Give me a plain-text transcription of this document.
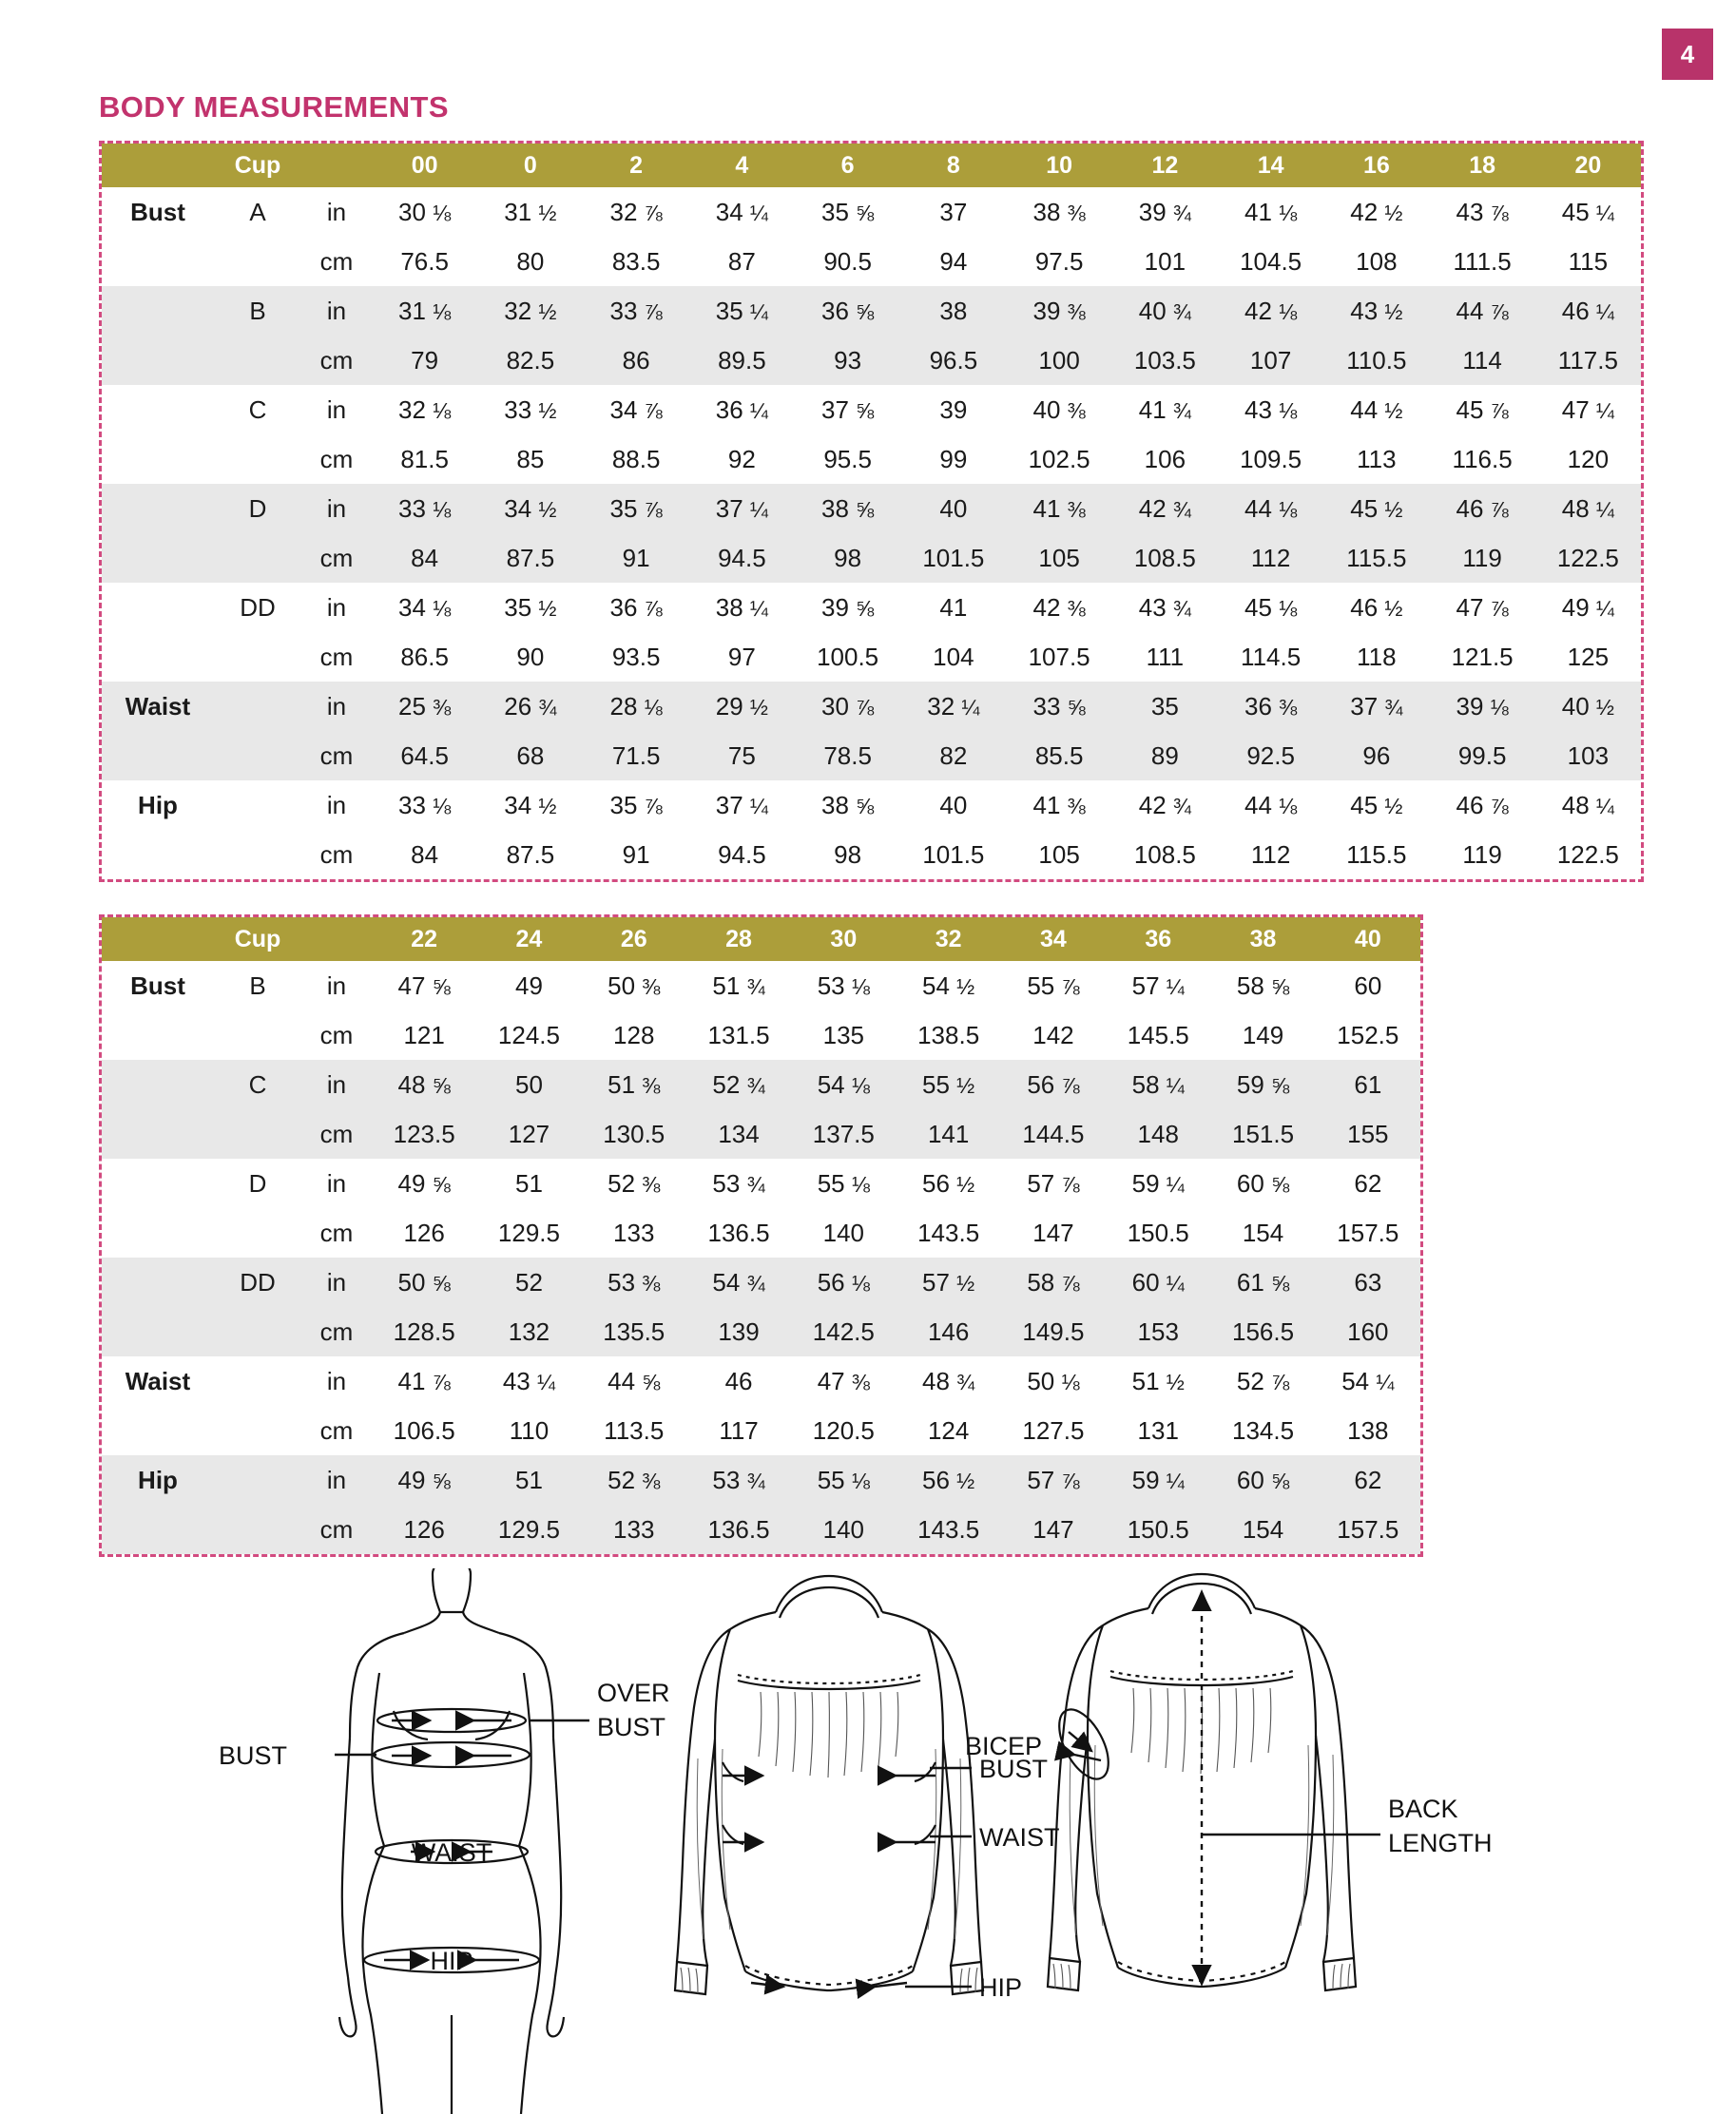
4
BODY MEASUREMENTS
	Cup		00	0	2	4	6	8	10	12	14	16	18	20
Bust	A	in	30 ⅛	31 ½	32 ⅞	34 ¼	35 ⅝	37	38 ⅜	39 ¾	41 ⅛	42 ½	43 ⅞	45 ¼
		cm	76.5	80	83.5	87	90.5	94	97.5	101	104.5	108	111.5	115
	B	in	31 ⅛	32 ½	33 ⅞	35 ¼	36 ⅝	38	39 ⅜	40 ¾	42 ⅛	43 ½	44 ⅞	46 ¼
		cm	79	82.5	86	89.5	93	96.5	100	103.5	107	110.5	114	117.5
	C	in	32 ⅛	33 ½	34 ⅞	36 ¼	37 ⅝	39	40 ⅜	41 ¾	43 ⅛	44 ½	45 ⅞	47 ¼
		cm	81.5	85	88.5	92	95.5	99	102.5	106	109.5	113	116.5	120
	D	in	33 ⅛	34 ½	35 ⅞	37 ¼	38 ⅝	40	41 ⅜	42 ¾	44 ⅛	45 ½	46 ⅞	48 ¼
		cm	84	87.5	91	94.5	98	101.5	105	108.5	112	115.5	119	122.5
	DD	in	34 ⅛	35 ½	36 ⅞	38 ¼	39 ⅝	41	42 ⅜	43 ¾	45 ⅛	46 ½	47 ⅞	49 ¼
		cm	86.5	90	93.5	97	100.5	104	107.5	111	114.5	118	121.5	125
Waist		in	25 ⅜	26 ¾	28 ⅛	29 ½	30 ⅞	32 ¼	33 ⅝	35	36 ⅜	37 ¾	39 ⅛	40 ½
		cm	64.5	68	71.5	75	78.5	82	85.5	89	92.5	96	99.5	103
Hip		in	33 ⅛	34 ½	35 ⅞	37 ¼	38 ⅝	40	41 ⅜	42 ¾	44 ⅛	45 ½	46 ⅞	48 ¼
		cm	84	87.5	91	94.5	98	101.5	105	108.5	112	115.5	119	122.5
	Cup		22	24	26	28	30	32	34	36	38	40
Bust	B	in	47 ⅝	49	50 ⅜	51 ¾	53 ⅛	54 ½	55 ⅞	57 ¼	58 ⅝	60
		cm	121	124.5	128	131.5	135	138.5	142	145.5	149	152.5
	C	in	48 ⅝	50	51 ⅜	52 ¾	54 ⅛	55 ½	56 ⅞	58 ¼	59 ⅝	61
		cm	123.5	127	130.5	134	137.5	141	144.5	148	151.5	155
	D	in	49 ⅝	51	52 ⅜	53 ¾	55 ⅛	56 ½	57 ⅞	59 ¼	60 ⅝	62
		cm	126	129.5	133	136.5	140	143.5	147	150.5	154	157.5
	DD	in	50 ⅝	52	53 ⅜	54 ¾	56 ⅛	57 ½	58 ⅞	60 ¼	61 ⅝	63
		cm	128.5	132	135.5	139	142.5	146	149.5	153	156.5	160
Waist		in	41 ⅞	43 ¼	44 ⅝	46	47 ⅜	48 ¾	50 ⅛	51 ½	52 ⅞	54 ¼
		cm	106.5	110	113.5	117	120.5	124	127.5	131	134.5	138
Hip		in	49 ⅝	51	52 ⅜	53 ¾	55 ⅛	56 ½	57 ⅞	59 ¼	60 ⅝	62
		cm	126	129.5	133	136.5	140	143.5	147	150.5	154	157.5
BUST
OVER
BUST
WAIST
HIP
BUST
WAIST
HIP
BICEP
BACK
LENGTH
